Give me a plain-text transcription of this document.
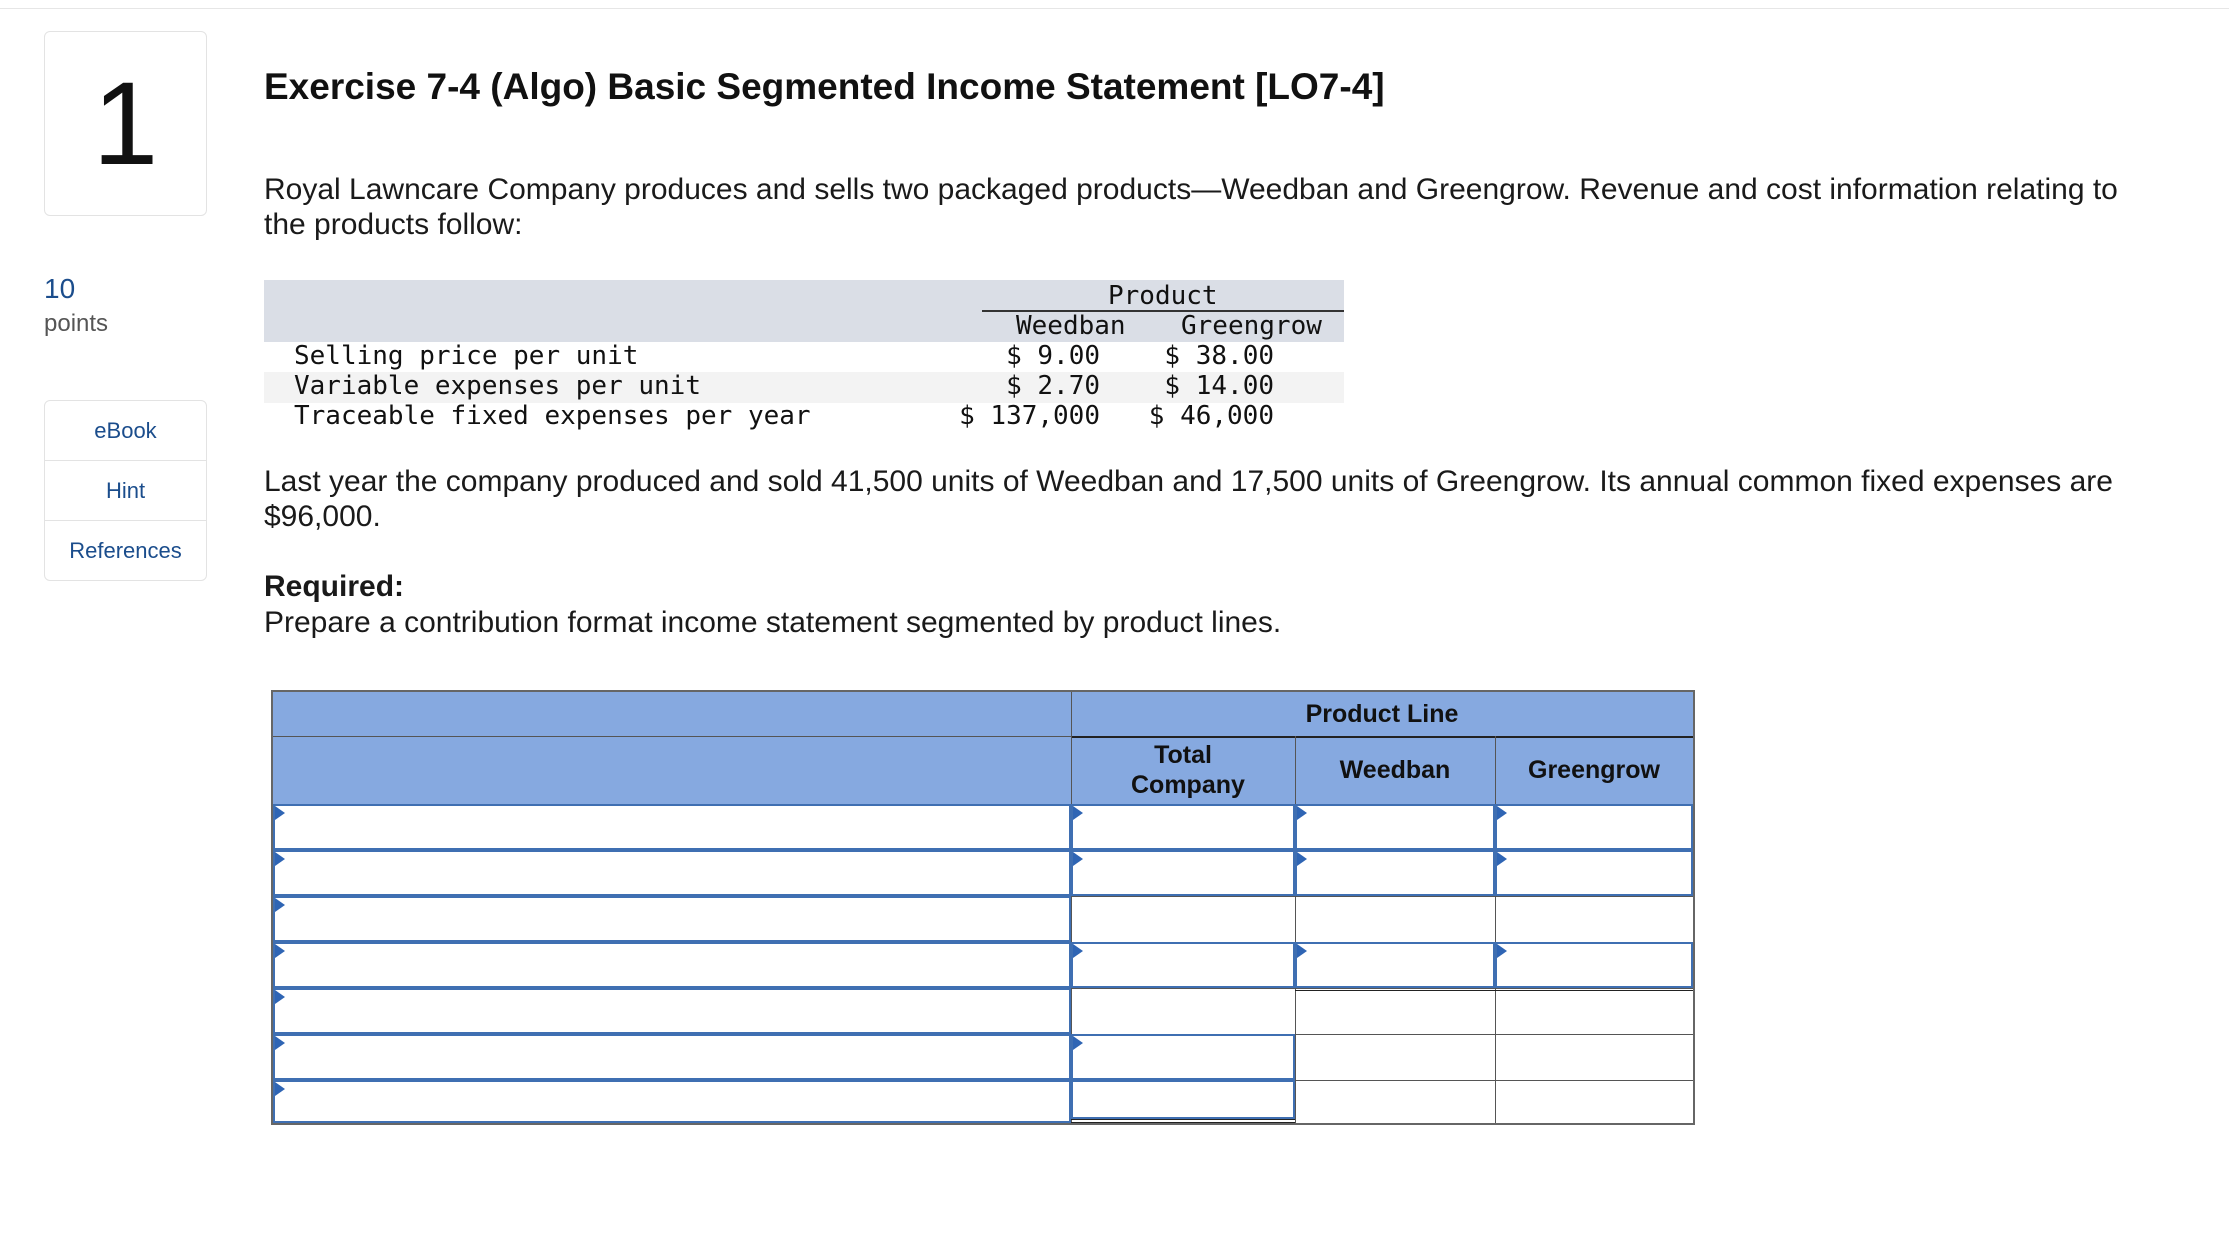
1
10
points
eBook
Hint
References
Exercise 7-4 (Algo) Basic Segmented Income Statement [LO7-4]
Royal Lawncare Company produces and sells two packaged products—Weedban and Greengrow. Revenue and cost information relating to the products follow:
Product
Weedban Greengrow
Selling price per unit	$ 9.00	$ 38.00
Variable expenses per unit	$ 2.70	$ 14.00
Traceable fixed expenses per year	$ 137,000	$ 46,000
Last year the company produced and sold 41,500 units of Weedban and 17,500 units of Greengrow. Its annual common fixed expenses are $96,000.
Required:
Prepare a contribution format income statement segmented by product lines.
Product Line
Total Company
Weedban	Greengrow
